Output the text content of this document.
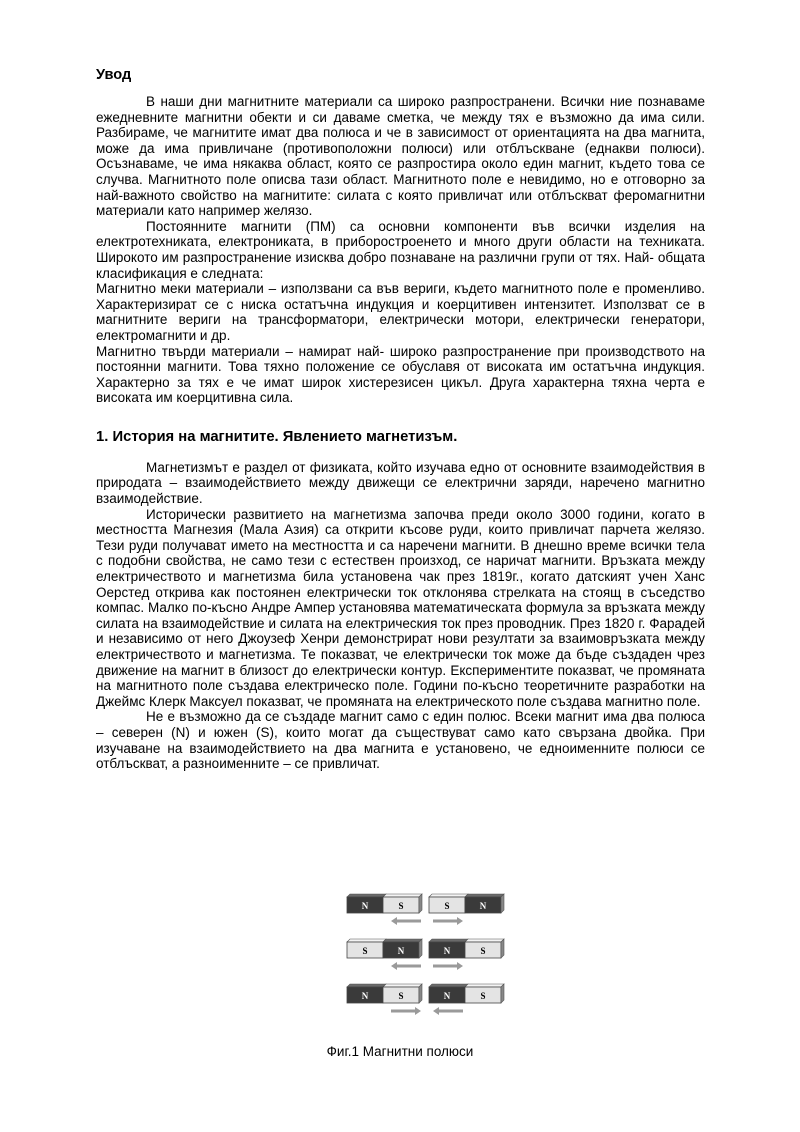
Увод

В наши дни магнитните материали са широко разпространени. Всички ние познаваме ежедневните магнитни обекти и си даваме сметка, че между тях е възможно да има сили. Разбираме, че магнитите имат два полюса и че в зависимост от ориентацията на два магнита, може да има привличане (противоположни полюси) или отблъскване (еднакви полюси). Осъзнаваме, че има някаква област, която се разпростира около един магнит, където това се случва. Магнитното поле описва тази област. Магнитното поле е невидимо, но е отговорно за най-важното свойство на магнитите: силата с която привличат или отблъскват феромагнитни материали като например желязо.

Постоянните магнити (ПМ) са основни компоненти във всички изделия на електротехниката, електрониката, в приборостроенето и много други области на техниката. Широкото им разпространение изисква добро познаване на различни групи от тях. Най- общата класификация е следната:

Магнитно меки материали – използвани са във вериги, където магнитното поле е променливо. Характеризират се с ниска остатъчна индукция и коерцитивен интензитет. Използват се в магнитните вериги на трансформатори, електрически мотори, електрически генератори, електромагнити и др.

Магнитно твърди материали – намират най- широко разпространение при производството на постоянни магнити. Това тяхно положение се обуславя от високата им остатъчна индукция. Характерно за тях е че имат широк хистерезисен цикъл. Друга характерна тяхна черта е високата им коерцитивна сила.

1. История на магнитите. Явлението магнетизъм.

Магнетизмът е раздел от физиката, който изучава едно от основните взаимодействия в природата – взаимодействието между движещи се електрични заряди, наречено магнитно взаимодействие.

Исторически развитието на магнетизма започва преди около 3000 години, когато в местността Магнезия (Мала Азия) са открити късове руди, които привличат парчета желязо. Тези руди получават името на местността и са наречени магнити. В днешно време всички тела с подобни свойства, не само тези с естествен произход, се наричат магнити. Връзката между електричеството и магнетизма била установена чак през 1819г., когато датският учен Ханс Оерстед открива как постоянен електрически ток отклонява стрелката на стоящ в съседство компас. Малко по-късно Андре Ампер установява математическата формула за връзката между силата на взаимодействие и силата на електрическия ток през проводник. През 1820 г. Фарадей и независимо от него Джоузеф Хенри демонстрират нови резултати за взаимовръзката между електричеството и магнетизма. Те показват, че електрически ток може да бъде създаден чрез движение на магнит в близост до електрически контур. Експериментите показват, че промяната на магнитното поле създава електрическо поле. Години по-късно теоретичните разработки на Джеймс Клерк Максуел показват, че промяната на електрическото поле създава магнитно поле.

Не е възможно да се създаде магнит само с един полюс. Всеки магнит има два полюса – северен (N) и южен (S), които могат да съществуват само като свързана двойка. При изучаване на взаимодействието на два магнита е установено, че едноименните полюси се отблъскват, а разноименните – се привличат.

N	S	S	N
S	N	N	S
N	S	N	S
Фиг.1 Магнитни полюси
